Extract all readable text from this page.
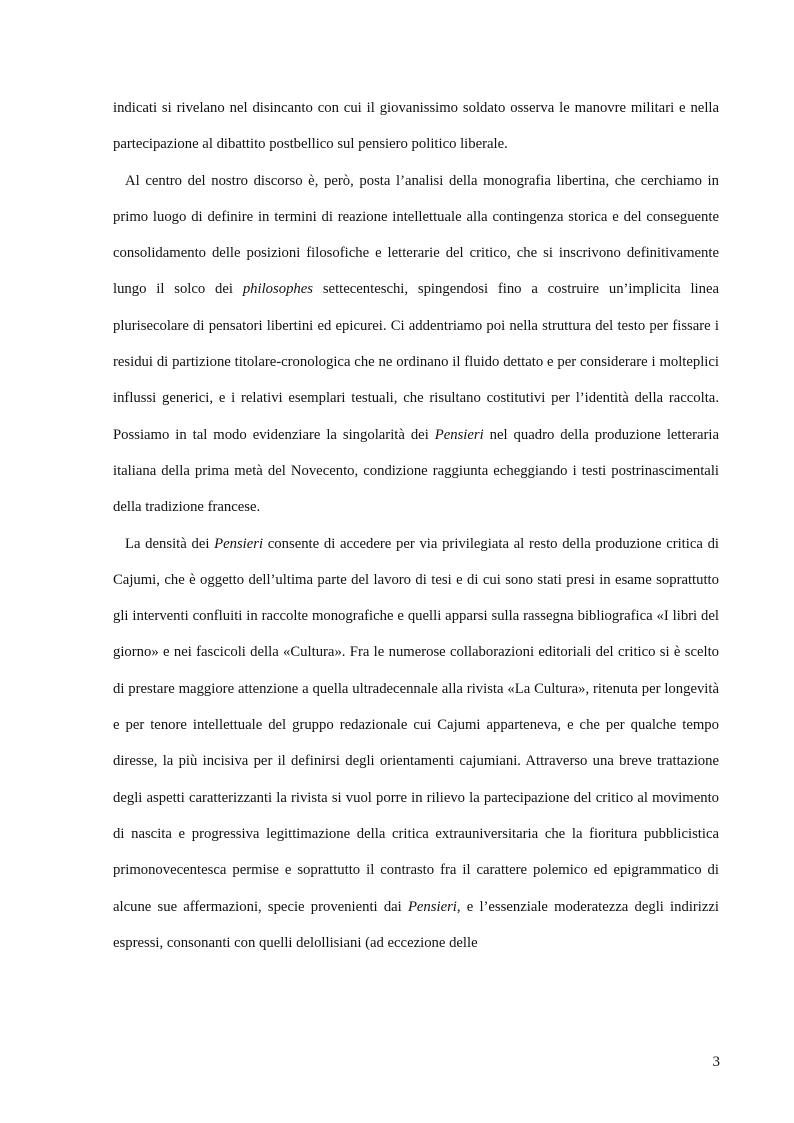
indicati si rivelano nel disincanto con cui il giovanissimo soldato osserva le manovre militari e nella partecipazione al dibattito postbellico sul pensiero politico liberale.

Al centro del nostro discorso è, però, posta l’analisi della monografia libertina, che cerchiamo in primo luogo di definire in termini di reazione intellettuale alla contingenza storica e del conseguente consolidamento delle posizioni filosofiche e letterarie del critico, che si inscrivono definitivamente lungo il solco dei philosophes settecenteschi, spingendosi fino a costruire un’implicita linea plurisecolare di pensatori libertini ed epicurei. Ci addentriamo poi nella struttura del testo per fissare i residui di partizione titolare-cronologica che ne ordinano il fluido dettato e per considerare i molteplici influssi generici, e i relativi esemplari testuali, che risultano costitutivi per l’identità della raccolta. Possiamo in tal modo evidenziare la singolarità dei Pensieri nel quadro della produzione letteraria italiana della prima metà del Novecento, condizione raggiunta echeggiando i testi postrinascimentali della tradizione francese.

La densità dei Pensieri consente di accedere per via privilegiata al resto della produzione critica di Cajumi, che è oggetto dell’ultima parte del lavoro di tesi e di cui sono stati presi in esame soprattutto gli interventi confluiti in raccolte monografiche e quelli apparsi sulla rassegna bibliografica «I libri del giorno» e nei fascicoli della «Cultura». Fra le numerose collaborazioni editoriali del critico si è scelto di prestare maggiore attenzione a quella ultradecennale alla rivista «La Cultura», ritenuta per longevità e per tenore intellettuale del gruppo redazionale cui Cajumi apparteneva, e che per qualche tempo diresse, la più incisiva per il definirsi degli orientamenti cajumiani. Attraverso una breve trattazione degli aspetti caratterizzanti la rivista si vuol porre in rilievo la partecipazione del critico al movimento di nascita e progressiva legittimazione della critica extrauniversitaria che la fioritura pubblicistica primonovecentesca permise e soprattutto il contrasto fra il carattere polemico ed epigrammatico di alcune sue affermazioni, specie provenienti dai Pensieri, e l’essenziale moderatezza degli indirizzi espressi, consonanti con quelli delollisiani (ad eccezione delle

3
